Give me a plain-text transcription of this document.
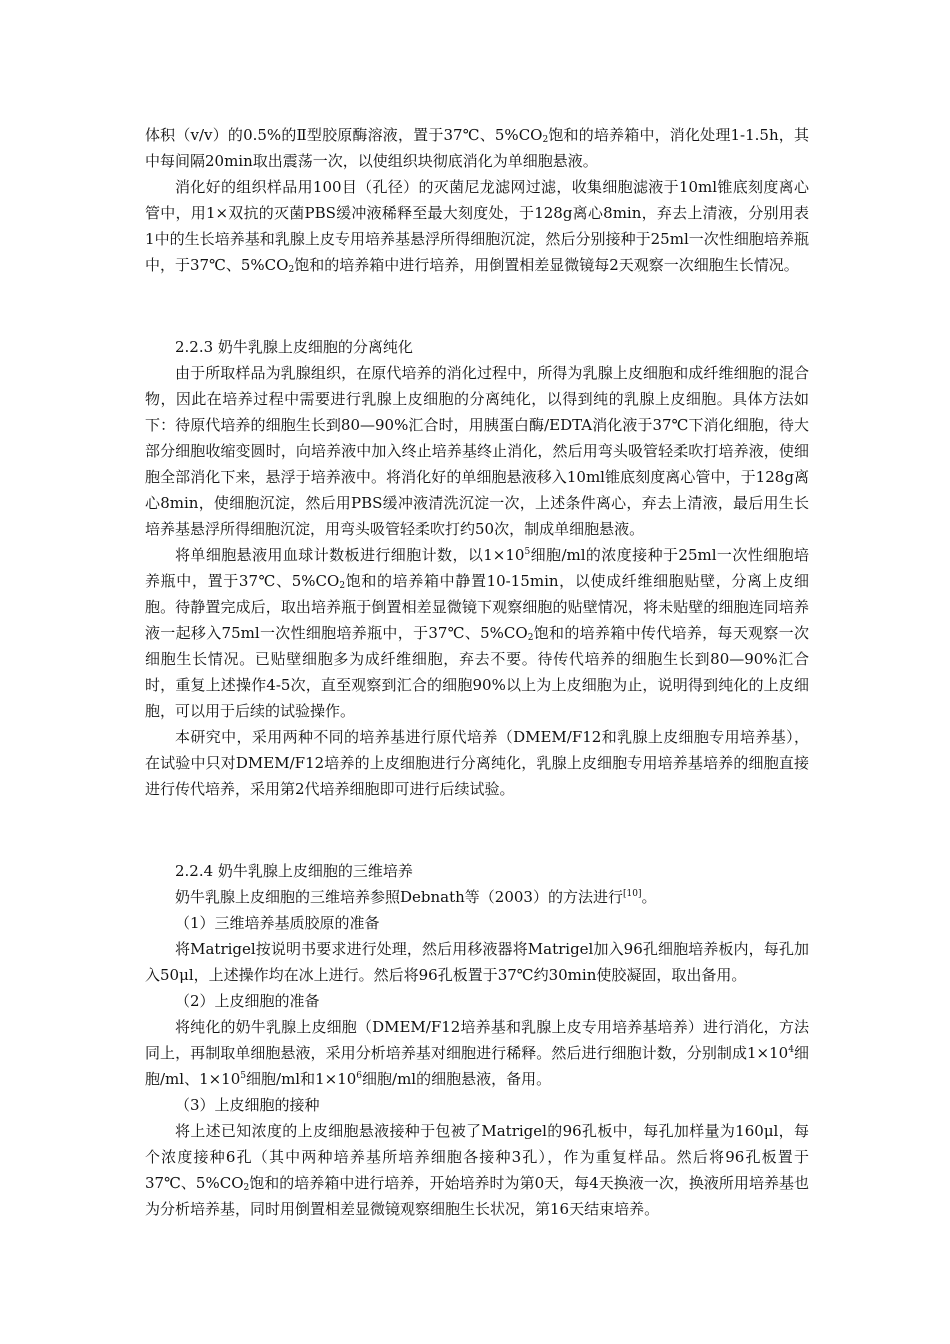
体积（v/v）的0.5%的Ⅱ型胶原酶溶液，置于37℃、$5\%CO_2$饱和的培养箱中，消化处理1-1.5h，其中每间隔20min取出震荡一次，以使组织块彻底消化为单细胞悬液。

消化好的组织样品用100目（孔径）的灭菌尼龙滤网过滤，收集细胞滤液于10ml锥底刻度离心管中，用1×双抗的灭菌PBS缓冲液稀释至最大刻度处，于128g离心8min，弃去上清液，分别用表1中的生长培养基和乳腺上皮专用培养基悬浮所得细胞沉淀，然后分别接种于25ml一次性细胞培养瓶中，于37℃、$5\%CO_2$饱和的培养箱中进行培养，用倒置相差显微镜每2天观察一次细胞生长情况。

2.2.3 奶牛乳腺上皮细胞的分离纯化

由于所取样品为乳腺组织，在原代培养的消化过程中，所得为乳腺上皮细胞和成纤维细胞的混合物，因此在培养过程中需要进行乳腺上皮细胞的分离纯化，以得到纯的乳腺上皮细胞。具体方法如下：待原代培养的细胞生长到80—90%汇合时，用胰蛋白酶/EDTA消化液于37℃下消化细胞，待大部分细胞收缩变圆时，向培养液中加入终止培养基终止消化，然后用弯头吸管轻柔吹打培养液，使细胞全部消化下来，悬浮于培养液中。将消化好的单细胞悬液移入10ml锥底刻度离心管中，于128g离心8min，使细胞沉淀，然后用PBS缓冲液清洗沉淀一次，上述条件离心，弃去上清液，最后用生长培养基悬浮所得细胞沉淀，用弯头吸管轻柔吹打约50次，制成单细胞悬液。

将单细胞悬液用血球计数板进行细胞计数，以$1\times 10^5$细胞/ml的浓度接种于25ml一次性细胞培养瓶中，置于37℃、$5\%CO_2$饱和的培养箱中静置10-15min，以使成纤维细胞贴壁，分离上皮细胞。待静置完成后，取出培养瓶于倒置相差显微镜下观察细胞的贴壁情况，将未贴壁的细胞连同培养液一起移入75ml一次性细胞培养瓶中，于37℃、$5\%CO_2$饱和的培养箱中传代培养，每天观察一次细胞生长情况。已贴壁细胞多为成纤维细胞，弃去不要。待传代培养的细胞生长到80—90%汇合时，重复上述操作4-5次，直至观察到汇合的细胞90%以上为上皮细胞为止，说明得到纯化的上皮细胞，可以用于后续的试验操作。

本研究中，采用两种不同的培养基进行原代培养（DMEM/F12和乳腺上皮细胞专用培养基），在试验中只对DMEM/F12培养的上皮细胞进行分离纯化，乳腺上皮细胞专用培养基培养的细胞直接进行传代培养，采用第2代培养细胞即可进行后续试验。

2.2.4 奶牛乳腺上皮细胞的三维培养

奶牛乳腺上皮细胞的三维培养参照Debnath等（2003）的方法进行[10]。

（1）三维培养基质胶原的准备

将Matrigel按说明书要求进行处理，然后用移液器将Matrigel加入96孔细胞培养板内，每孔加入50μl，上述操作均在冰上进行。然后将96孔板置于37℃约30min使胶凝固，取出备用。

（2）上皮细胞的准备

将纯化的奶牛乳腺上皮细胞（DMEM/F12培养基和乳腺上皮专用培养基培养）进行消化，方法同上，再制取单细胞悬液，采用分析培养基对细胞进行稀释。然后进行细胞计数，分别制成$1\times 10^4$细胞/ml、$1\times 10^5$细胞/ml和$1\times 10^6$细胞/ml的细胞悬液，备用。

（3）上皮细胞的接种

将上述已知浓度的上皮细胞悬液接种于包被了Matrigel的96孔板中，每孔加样量为160μl，每个浓度接种6孔（其中两种培养基所培养细胞各接种3孔），作为重复样品。然后将96孔板置于37℃、$5\%CO_2$饱和的培养箱中进行培养，开始培养时为第0天，每4天换液一次，换液所用培养基也为分析培养基，同时用倒置相差显微镜观察细胞生长状况，第16天结束培养。
